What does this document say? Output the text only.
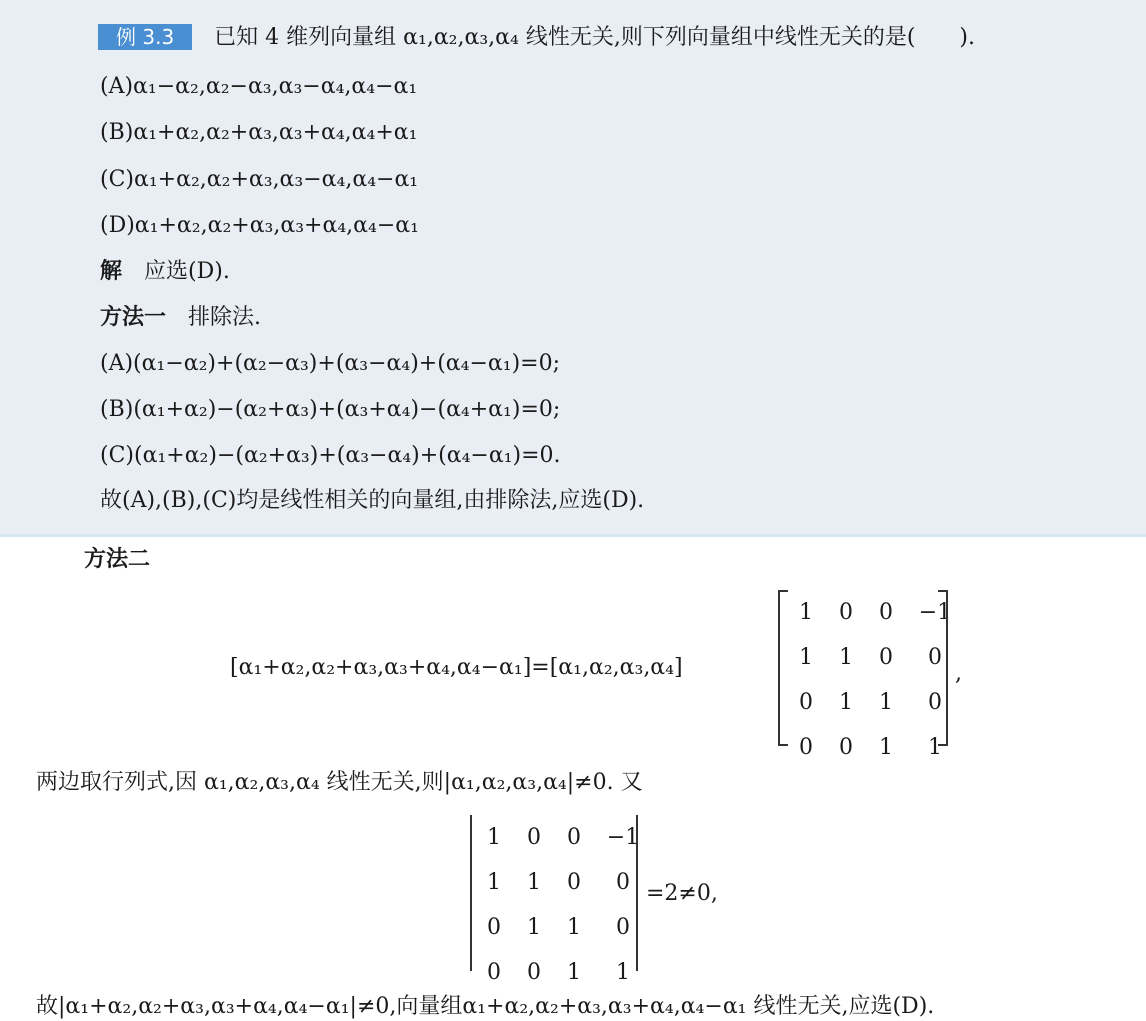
例 3.3 已知 4 维列向量组 α₁,α₂,α₃,α₄ 线性无关,则下列向量组中线性无关的是(　　).
(A)α₁−α₂,α₂−α₃,α₃−α₄,α₄−α₁
(B)α₁+α₂,α₂+α₃,α₃+α₄,α₄+α₁
(C)α₁+α₂,α₂+α₃,α₃−α₄,α₄−α₁
(D)α₁+α₂,α₂+α₃,α₃+α₄,α₄−α₁
解 应选(D).
方法一 排除法.
(A)(α₁−α₂)+(α₂−α₃)+(α₃−α₄)+(α₄−α₁)=0;
(B)(α₁+α₂)−(α₂+α₃)+(α₃+α₄)−(α₄+α₁)=0;
(C)(α₁+α₂)−(α₂+α₃)+(α₃−α₄)+(α₄−α₁)=0.
故(A),(B),(C)均是线性相关的向量组,由排除法,应选(D).
方法二
[α₁+α₂,α₂+α₃,α₃+α₄,α₄−α₁]=[α₁,α₂,α₃,α₄]
1	0	0	−1
1	1	0	0
0	1	1	0
0	0	1	1
,
两边取行列式,因 α₁,α₂,α₃,α₄ 线性无关,则|α₁,α₂,α₃,α₄|≠0. 又
1	0	0	−1
1	1	0	0
0	1	1	0
0	0	1	1
=2≠0,
故|α₁+α₂,α₂+α₃,α₃+α₄,α₄−α₁|≠0,向量组α₁+α₂,α₂+α₃,α₃+α₄,α₄−α₁ 线性无关,应选(D).
